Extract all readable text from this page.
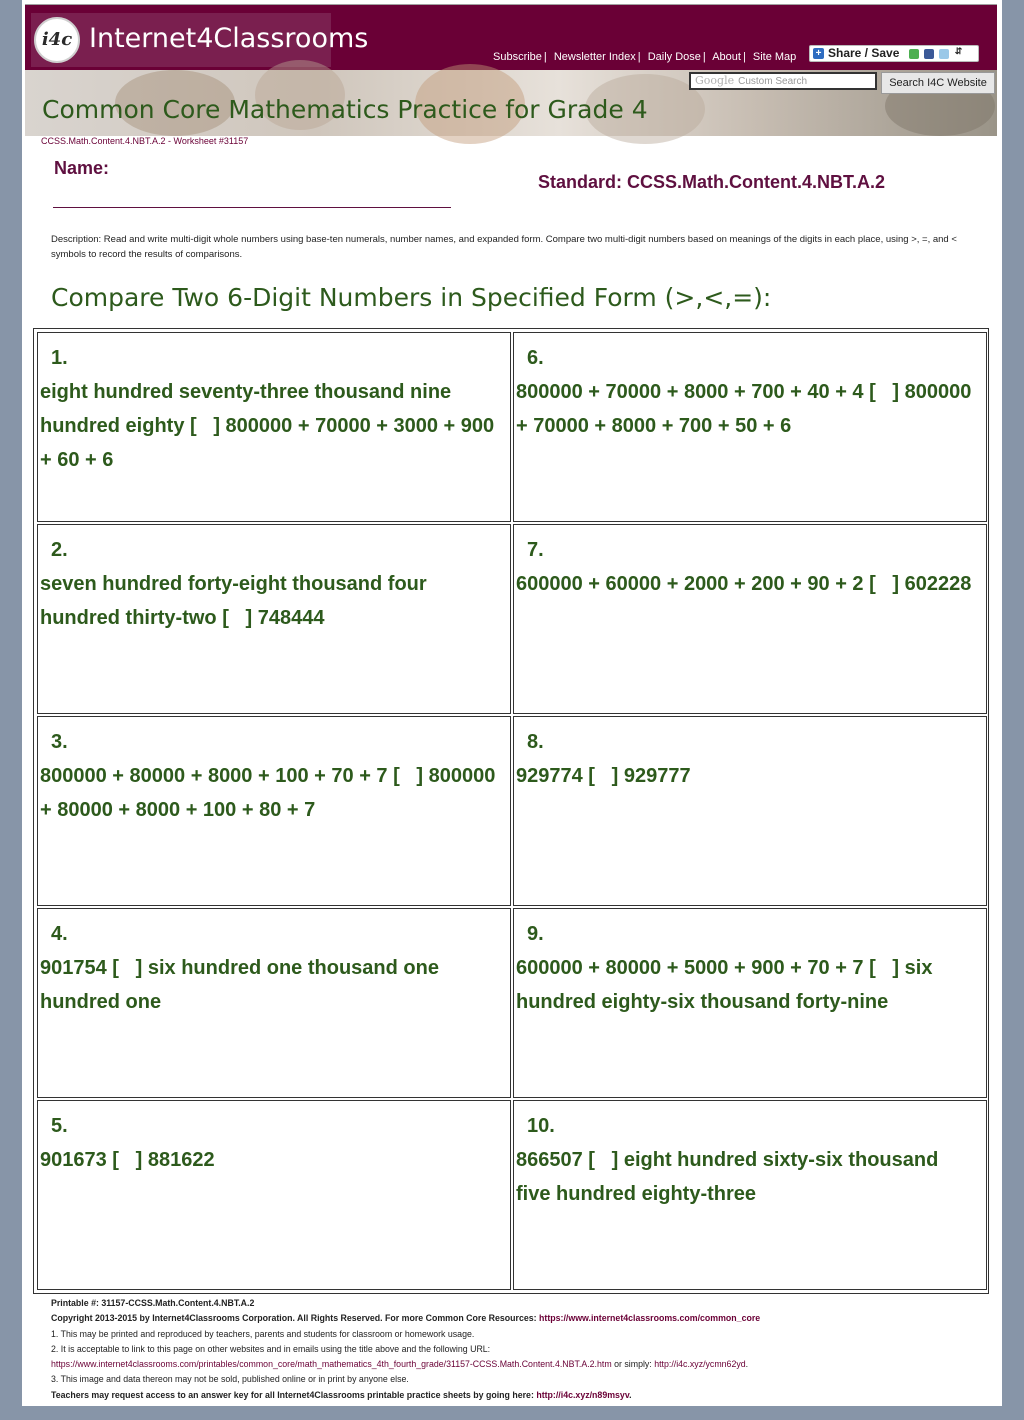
i4c Internet4Classrooms
Subscribe | Newsletter Index | Daily Dose | About | Site Map	+ Share / Save	⇵
Google Custom Search	Search I4C Website
Common Core Mathematics Practice for Grade 4
CCSS.Math.Content.4.NBT.A.2 - Worksheet #31157
Name:
Standard: CCSS.Math.Content.4.NBT.A.2
Description: Read and write multi-digit whole numbers using base-ten numerals, number names, and expanded form. Compare two multi-digit numbers based on meanings of the digits in each place, using >, =, and < symbols to record the results of comparisons.
Compare Two 6-Digit Numbers in Specified Form (>,<,=):
1.
eight hundred seventy-three thousand nine hundred eighty [   ] 800000 + 70000 + 3000 + 900 + 60 + 6
2.
seven hundred forty-eight thousand four hundred thirty-two [   ] 748444
3.
800000 + 80000 + 8000 + 100 + 70 + 7 [   ] 800000 + 80000 + 8000 + 100 + 80 + 7
4.
901754 [   ] six hundred one thousand one hundred one
5.
901673 [   ] 881622
6.
800000 + 70000 + 8000 + 700 + 40 + 4 [   ] 800000 + 70000 + 8000 + 700 + 50 + 6
7.
600000 + 60000 + 2000 + 200 + 90 + 2 [   ] 602228
8.
929774 [   ] 929777
9.
600000 + 80000 + 5000 + 900 + 70 + 7 [   ] six hundred eighty-six thousand forty-nine
10.
866507 [   ] eight hundred sixty-six thousand five hundred eighty-three
Printable #: 31157-CCSS.Math.Content.4.NBT.A.2
Copyright 2013-2015 by Internet4Classrooms Corporation. All Rights Reserved. For more Common Core Resources: https://www.internet4classrooms.com/common_core
1. This may be printed and reproduced by teachers, parents and students for classroom or homework usage.
2. It is acceptable to link to this page on other websites and in emails using the title above and the following URL:
https://www.internet4classrooms.com/printables/common_core/math_mathematics_4th_fourth_grade/31157-CCSS.Math.Content.4.NBT.A.2.htm or simply: http://i4c.xyz/ycmn62yd.
3. This image and data thereon may not be sold, published online or in print by anyone else.
Teachers may request access to an answer key for all Internet4Classrooms printable practice sheets by going here: http://i4c.xyz/n89msyv.
